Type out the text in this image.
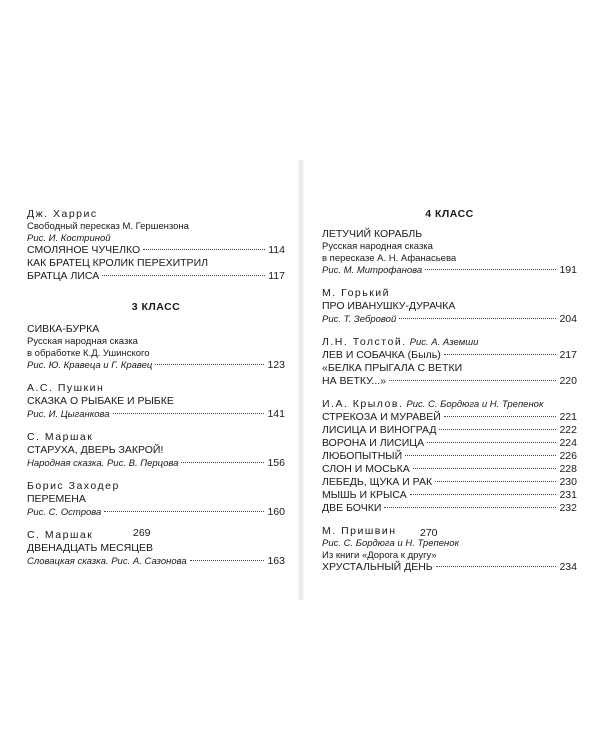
Дж. Харрис
Свободный пересказ М. Гершензона
Рис. И. Костриной
СМОЛЯНОЕ ЧУЧЕЛКО	114
КАК БРАТЕЦ КРОЛИК ПЕРЕХИТРИЛ
БРАТЦА ЛИСА	117
3 КЛАСС
СИВКА-БУРКА
Русская народная сказка
в обработке К.Д. Ушинского
Рис. Ю. Кравеца и Г. Кравец	123
А.С. Пушкин
СКАЗКА О РЫБАКЕ И РЫБКЕ
Рис. И. Цыганкова	141
С. Маршак
СТАРУХА, ДВЕРЬ ЗАКРОЙ!
Народная сказка. Рис. В. Перцова	156
Борис Заходер
ПЕРЕМЕНА
Рис. С. Острова	160
С. Маршак
ДВЕНАДЦАТЬ МЕСЯЦЕВ
Словацкая сказка. Рис. А. Сазонова	163
269
4 КЛАСС
ЛЕТУЧИЙ КОРАБЛЬ
Русская народная сказка
в пересказе А. Н. Афанасьева
Рис. М. Митрофанова	191
М. Горький
ПРО ИВАНУШКУ-ДУРАЧКА
Рис. Т. Зебровой	204
Л.Н. Толстой. Рис. А. Аземши
ЛЕВ И СОБАЧКА (Быль)	217
«БЕЛКА ПРЫГАЛА С ВЕТКИ
НА ВЕТКУ...»	220
И.А. Крылов. Рис. С. Бордюга и Н. Трепенок
СТРЕКОЗА И МУРАВЕЙ	221
ЛИСИЦА И ВИНОГРАД	222
ВОРОНА И ЛИСИЦА	224
ЛЮБОПЫТНЫЙ	226
СЛОН И МОСЬКА	228
ЛЕБЕДЬ, ЩУКА И РАК	230
МЫШЬ И КРЫСА	231
ДВЕ БОЧКИ	232
М. Пришвин
Рис. С. Бордюга и Н. Трепенок
Из книги «Дорога к другу»
ХРУСТАЛЬНЫЙ ДЕНЬ	234
270
